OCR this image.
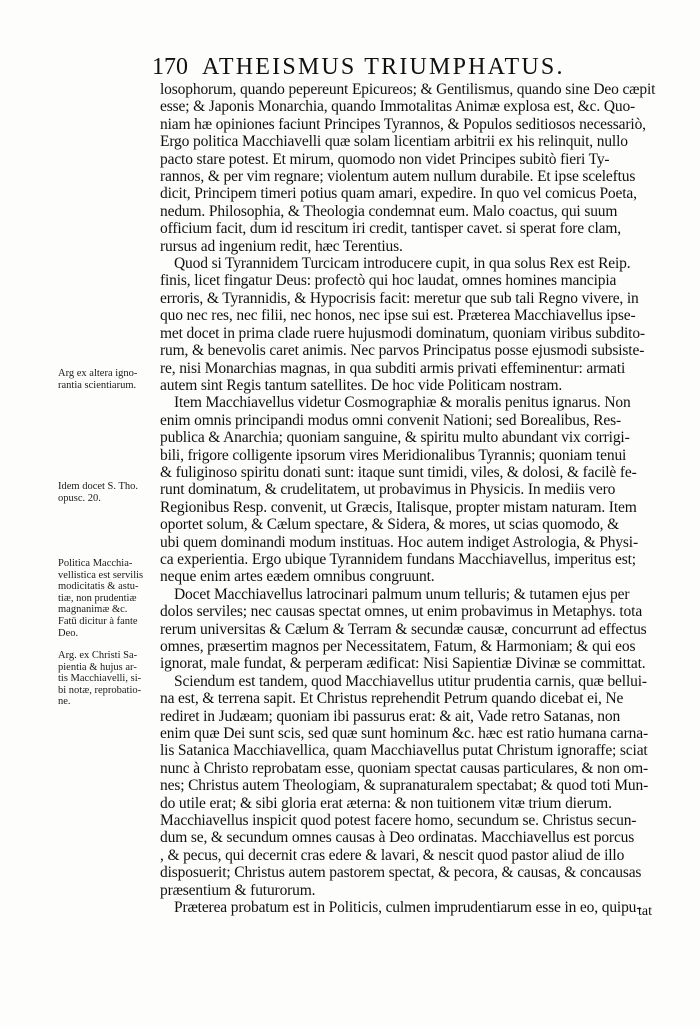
170 ATHEISMUS TRIUMPHATUS.
losophorum, quando pepereunt Epicureos; & Gentilismus, quando sine Deo cæpit
esse; & Japonis Monarchia, quando Immotalitas Animæ explosa est, &c. Quo-
niam hæ opiniones faciunt Principes Tyrannos, & Populos seditiosos necessariò,
Ergo politica Macchiavelli quæ solam licentiam arbitrii ex his relinquit, nullo
pacto stare potest. Et mirum, quomodo non videt Principes subitò fieri Ty-
rannos, & per vim regnare; violentum autem nullum durabile. Et ipse sceleftus
dicit, Principem timeri potius quam amari, expedire. In quo vel comicus Poeta,
nedum. Philosophia, & Theologia condemnat eum. Malo coactus, qui suum
officium facit, dum id rescitum iri credit, tantisper cavet. si sperat fore clam,
rursus ad ingenium redit, hæc Terentius.
Quod si Tyrannidem Turcicam introducere cupit, in qua solus Rex est Reip.
finis, licet fingatur Deus: profectò qui hoc laudat, omnes homines mancipia
erroris, & Tyrannidis, & Hypocrisis facit: meretur que sub tali Regno vivere, in
quo nec res, nec filii, nec honos, nec ipse sui est. Præterea Macchiavellus ipse-
met docet in prima clade ruere hujusmodi dominatum, quoniam viribus subdito-
rum, & benevolis caret animis. Nec parvos Principatus posse ejusmodi subsiste-
re, nisi Monarchias magnas, in qua subditi armis privati effeminentur: armati
autem sint Regis tantum satellites. De hoc vide Politicam nostram.
Item Macchiavellus videtur Cosmographiæ & moralis penitus ignarus. Non
enim omnis principandi modus omni convenit Nationi; sed Borealibus, Res-
publica & Anarchia; quoniam sanguine, & spiritu multo abundant vix corrigi-
bili, frigore colligente ipsorum vires Meridionalibus Tyrannis; quoniam tenui
& fuliginoso spiritu donati sunt: itaque sunt timidi, viles, & dolosi, & facilè fe-
runt dominatum, & crudelitatem, ut probavimus in Physicis. In mediis vero
Regionibus Resp. convenit, ut Græcis, Italisque, propter mistam naturam. Item
oportet solum, & Cælum spectare, & Sidera, & mores, ut scias quomodo, &
ubi quem dominandi modum instituas. Hoc autem indiget Astrologia, & Physi-
ca experientia. Ergo ubique Tyrannidem fundans Macchiavellus, imperitus est;
neque enim artes eædem omnibus congruunt.
Docet Macchiavellus latrocinari palmum unum telluris; & tutamen ejus per
dolos serviles; nec causas spectat omnes, ut enim probavimus in Metaphys. tota
rerum universitas & Cælum & Terram & secundæ causæ, concurrunt ad effectus
omnes, præsertim magnos per Necessitatem, Fatum, & Harmoniam; & qui eos
ignorat, male fundat, & perperam ædificat: Nisi Sapientiæ Divinæ se committat.
Sciendum est tandem, quod Macchiavellus utitur prudentia carnis, quæ bellui-
na est, & terrena sapit. Et Christus reprehendit Petrum quando dicebat ei, Ne
rediret in Judæam; quoniam ibi passurus erat: & ait, Vade retro Satanas, non
enim quæ Dei sunt scis, sed quæ sunt hominum &c. hæc est ratio humana carna-
lis Satanica Macchiavellica, quam Macchiavellus putat Christum ignoraffe; sciat
nunc à Christo reprobatam esse, quoniam spectat causas particulares, & non om-
nes; Christus autem Theologiam, & supranaturalem spectabat; & quod toti Mun-
do utile erat; & sibi gloria erat æterna: & non tuitionem vitæ trium dierum.
Macchiavellus inspicit quod potest facere homo, secundum se. Christus secun-
dum se, & secundum omnes causas à Deo ordinatas. Macchiavellus est porcus
, & pecus, qui decernit cras edere & lavari, & nescit quod pastor aliud de illo
disposuerit; Christus autem pastorem spectat, & pecora, & causas, & concausas
præsentium & futurorum.
Præterea probatum est in Politicis, culmen imprudentiarum esse in eo, quipu-
tat
Arg ex altera igno-
rantia scientiarum.
Idem docet S. Tho.
opusc. 20.
Politica Macchia-
vellistica est servilis
modicitatis & astu-
tiæ, non prudentiæ
magnanimæ &c.
Fatū dicitur à fante
Deo.
Arg. ex Christi Sa-
pientia & hujus ar-
tis Macchiavelli, si-
bi notæ, reprobatio-
ne.
